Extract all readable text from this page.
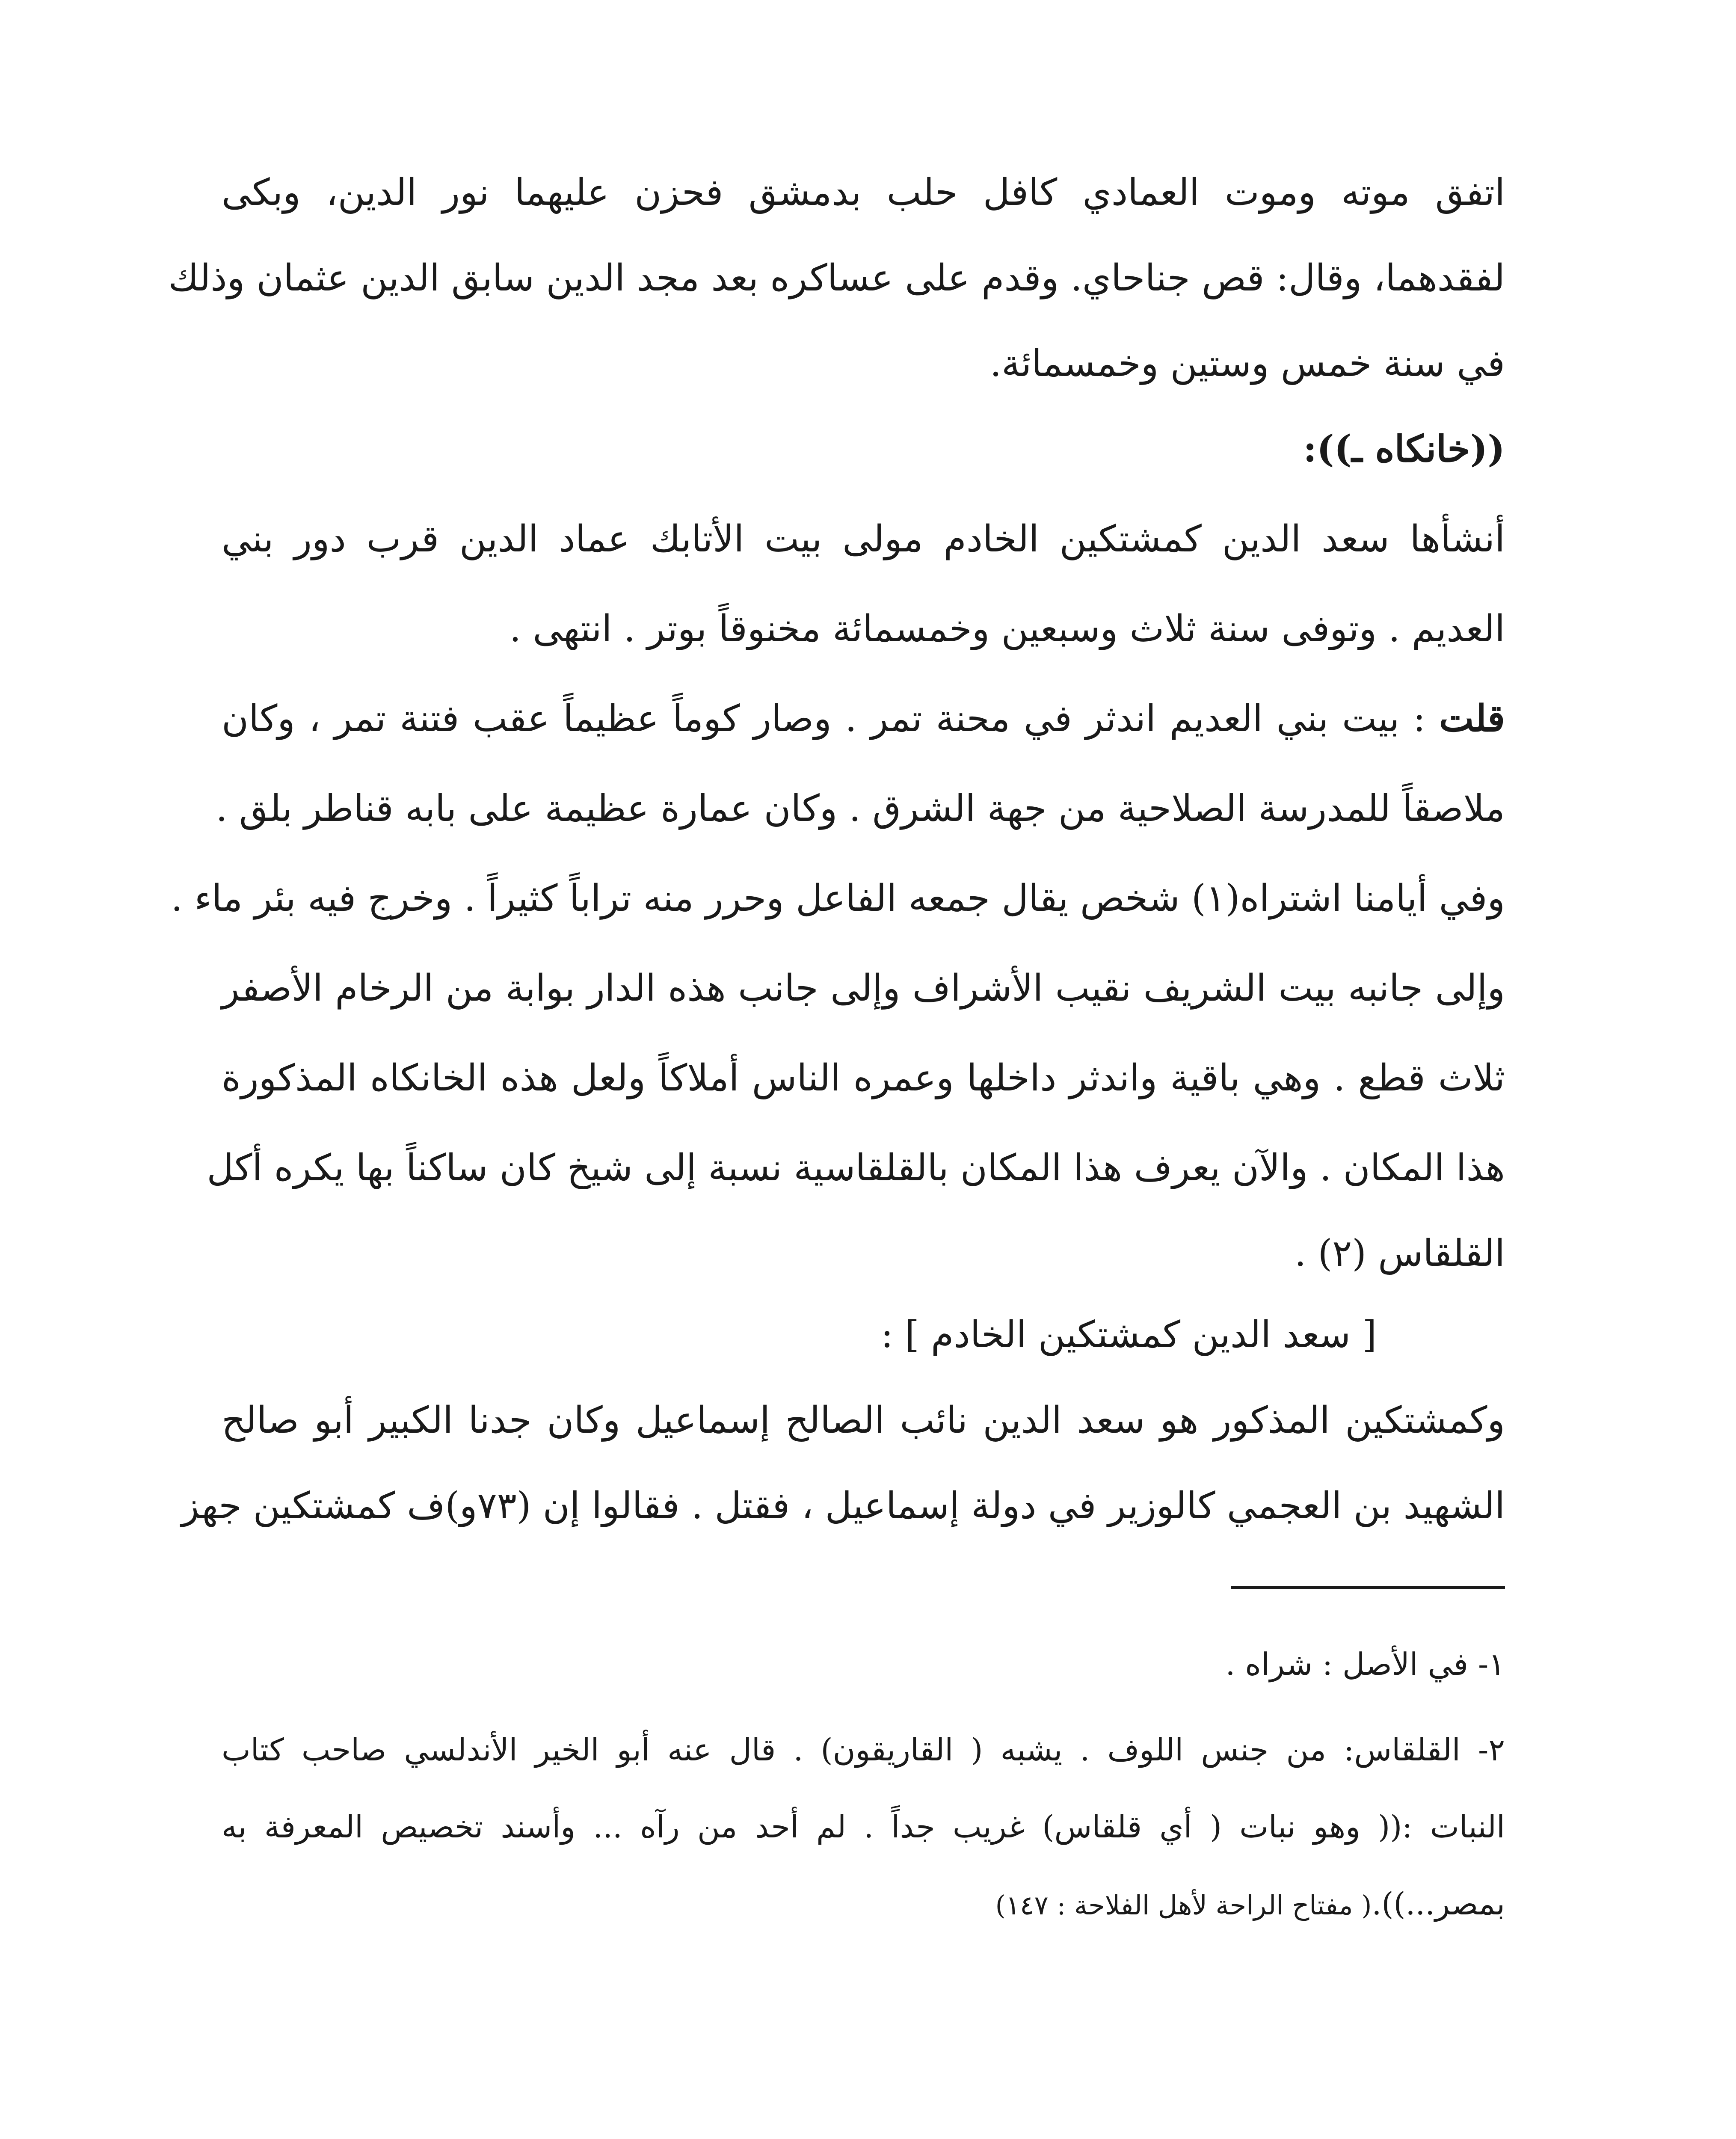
اتفق موته وموت العمادي كافل حلب بدمشق فحزن عليهما نور الدين، وبكى
لفقدهما، وقال: قص جناحاي. وقدم على عساكره بعد مجد الدين سابق الدين عثمان وذلك
في سنة خمس وستين وخمسمائة.
((خانكاه ـ)):
أنشأها سعد الدين كمشتكين الخادم مولى بيت الأتابك عماد الدين قرب دور بني
العديم . وتوفى سنة ثلاث وسبعين وخمسمائة مخنوقاً بوتر . انتهى .
قلت : بيت بني العديم اندثر في محنة تمر . وصار كوماً عظيماً عقب فتنة تمر ، وكان
ملاصقاً للمدرسة الصلاحية من جهة الشرق . وكان عمارة عظيمة على بابه قناطر بلق .
وفي أيامنا اشتراه(١) شخص يقال جمعه الفاعل وحرر منه تراباً كثيراً . وخرج فيه بئر ماء .
وإلى جانبه بيت الشريف نقيب الأشراف وإلى جانب هذه الدار بوابة من الرخام الأصفر
ثلاث قطع . وهي باقية واندثر داخلها وعمره الناس أملاكاً ولعل هذه الخانكاه المذكورة
هذا المكان . والآن يعرف هذا المكان بالقلقاسية نسبة إلى شيخ كان ساكناً بها يكره أكل
القلقاس (٢) .
[ سعد الدين كمشتكين الخادم ] :
وكمشتكين المذكور هو سعد الدين نائب الصالح إسماعيل وكان جدنا الكبير أبو صالح
الشهيد بن العجمي كالوزير في دولة إسماعيل ، فقتل . فقالوا إن (٧٣و)ف كمشتكين جهز
١- في الأصل : شراه .
٢- القلقاس: من جنس اللوف . يشبه ( القاريقون) . قال عنه أبو الخير الأندلسي صاحب كتاب
النبات :(( وهو نبات ( أي قلقاس) غريب جداً . لم أحد من رآه ... وأسند تخصيص المعرفة به
بمصر...)).( مفتاح الراحة لأهل الفلاحة : ١٤٧)
